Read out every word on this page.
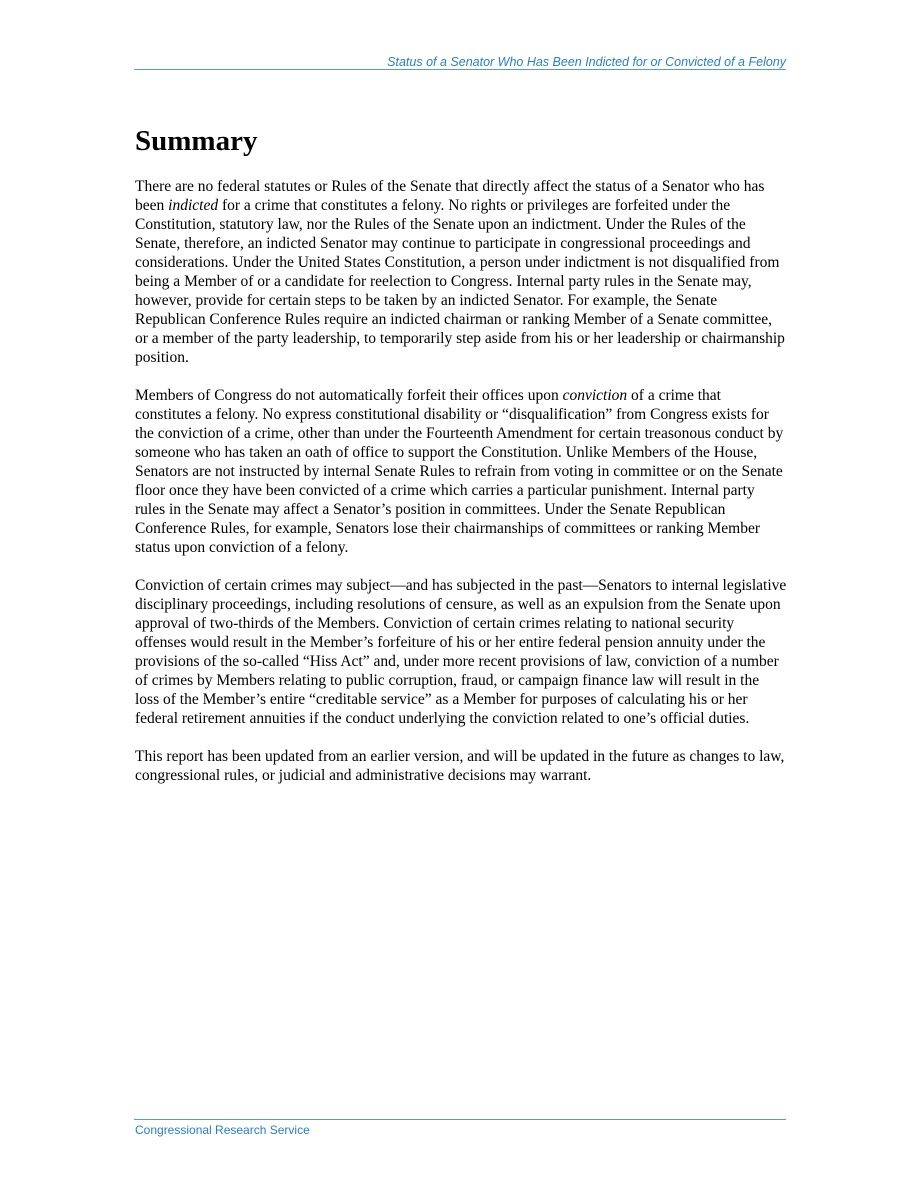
Status of a Senator Who Has Been Indicted for or Convicted of a Felony
Summary

There are no federal statutes or Rules of the Senate that directly affect the status of a Senator who has been indicted for a crime that constitutes a felony. No rights or privileges are forfeited under the Constitution, statutory law, nor the Rules of the Senate upon an indictment. Under the Rules of the Senate, therefore, an indicted Senator may continue to participate in congressional proceedings and considerations. Under the United States Constitution, a person under indictment is not disqualified from being a Member of or a candidate for reelection to Congress. Internal party rules in the Senate may, however, provide for certain steps to be taken by an indicted Senator. For example, the Senate Republican Conference Rules require an indicted chairman or ranking Member of a Senate committee, or a member of the party leadership, to temporarily step aside from his or her leadership or chairmanship position.

Members of Congress do not automatically forfeit their offices upon conviction of a crime that constitutes a felony. No express constitutional disability or “disqualification” from Congress exists for the conviction of a crime, other than under the Fourteenth Amendment for certain treasonous conduct by someone who has taken an oath of office to support the Constitution. Unlike Members of the House, Senators are not instructed by internal Senate Rules to refrain from voting in committee or on the Senate floor once they have been convicted of a crime which carries a particular punishment. Internal party rules in the Senate may affect a Senator’s position in committees. Under the Senate Republican Conference Rules, for example, Senators lose their chairmanships of committees or ranking Member status upon conviction of a felony.

Conviction of certain crimes may subject—and has subjected in the past—Senators to internal legislative disciplinary proceedings, including resolutions of censure, as well as an expulsion from the Senate upon approval of two-thirds of the Members. Conviction of certain crimes relating to national security offenses would result in the Member’s forfeiture of his or her entire federal pension annuity under the provisions of the so-called “Hiss Act” and, under more recent provisions of law, conviction of a number of crimes by Members relating to public corruption, fraud, or campaign finance law will result in the loss of the Member’s entire “creditable service” as a Member for purposes of calculating his or her federal retirement annuities if the conduct underlying the conviction related to one’s official duties.

This report has been updated from an earlier version, and will be updated in the future as changes to law, congressional rules, or judicial and administrative decisions may warrant.

Congressional Research Service
